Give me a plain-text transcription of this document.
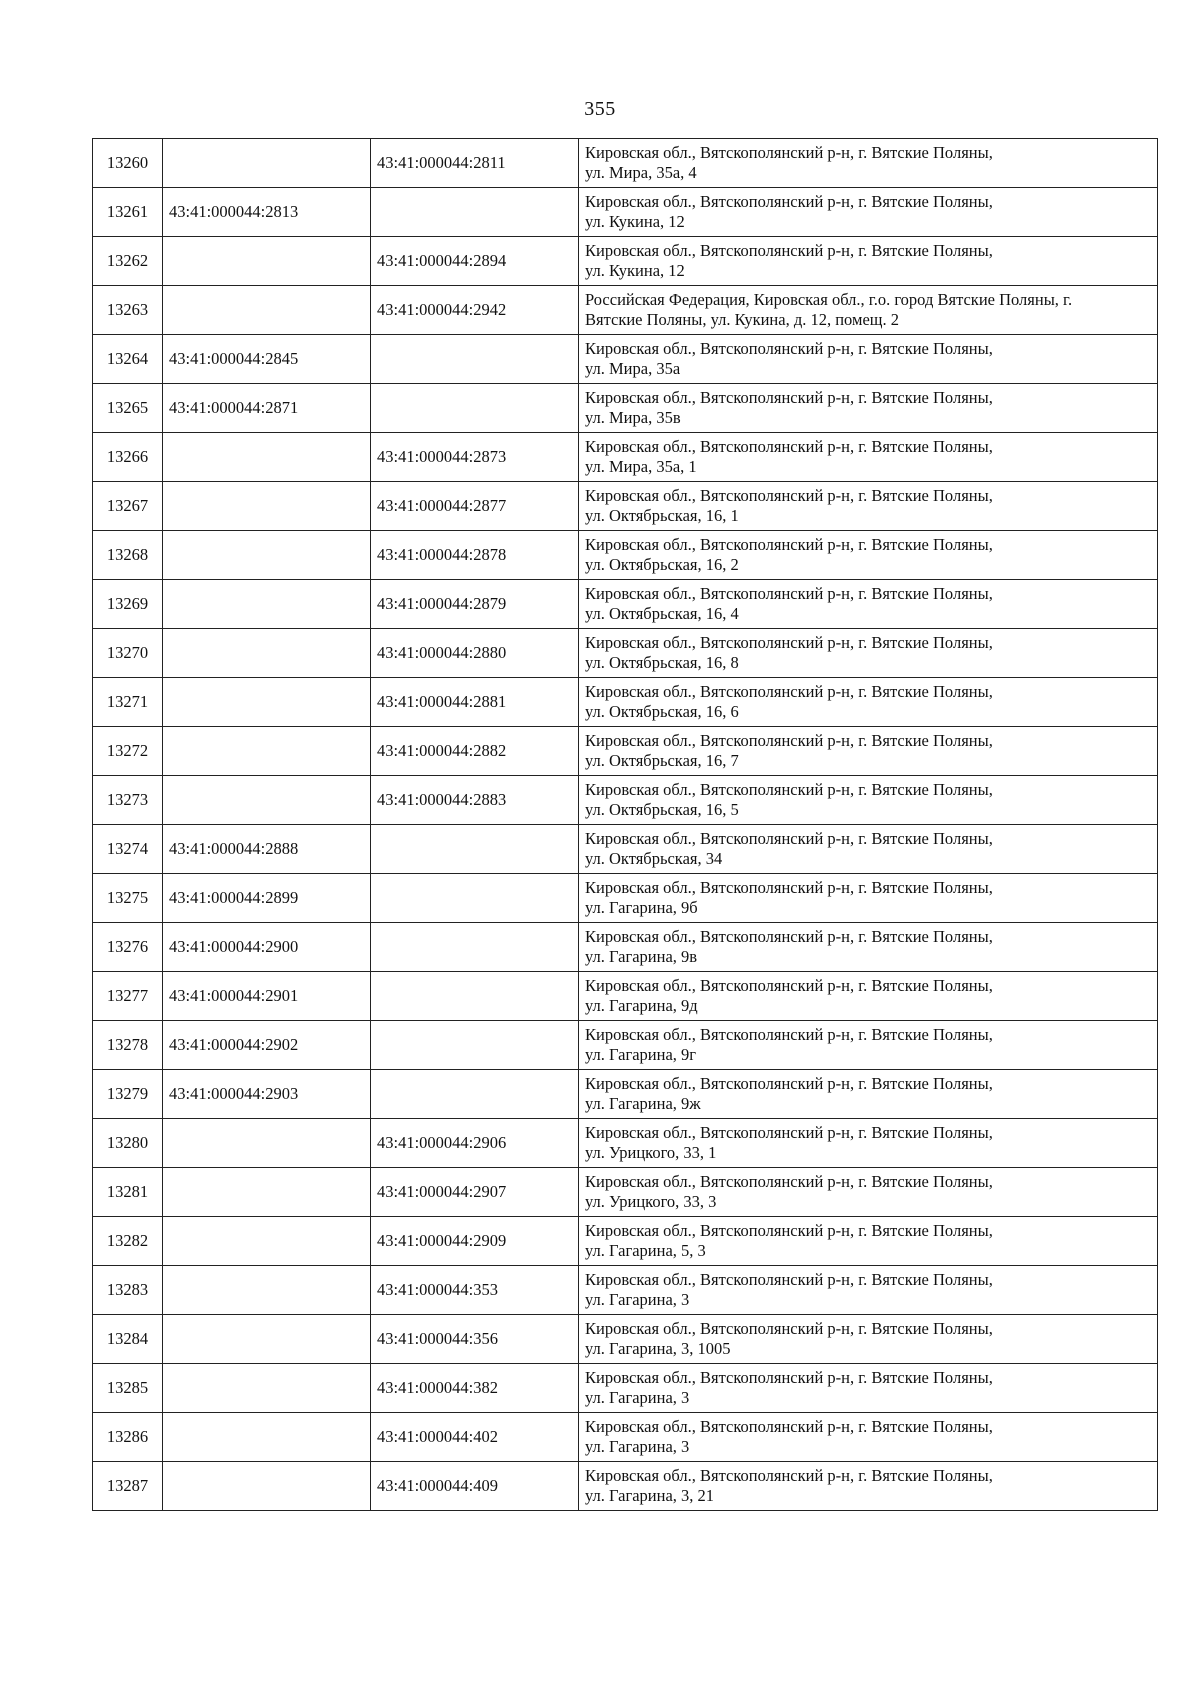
355
13260		43:41:000044:2811	Кировская обл., Вятскополянский р-н, г. Вятские Поляны,
ул. Мира, 35а, 4

13261	43:41:000044:2813		Кировская обл., Вятскополянский р-н, г. Вятские Поляны,
ул. Кукина, 12

13262		43:41:000044:2894	Кировская обл., Вятскополянский р-н, г. Вятские Поляны,
ул. Кукина, 12

13263		43:41:000044:2942	Российская Федерация, Кировская обл., г.о. город Вятские Поляны, г.
Вятские Поляны, ул. Кукина, д. 12, помещ. 2

13264	43:41:000044:2845		Кировская обл., Вятскополянский р-н, г. Вятские Поляны,
ул. Мира, 35а

13265	43:41:000044:2871		Кировская обл., Вятскополянский р-н, г. Вятские Поляны,
ул. Мира, 35в

13266		43:41:000044:2873	Кировская обл., Вятскополянский р-н, г. Вятские Поляны,
ул. Мира, 35а, 1

13267		43:41:000044:2877	Кировская обл., Вятскополянский р-н, г. Вятские Поляны,
ул. Октябрьская, 16, 1

13268		43:41:000044:2878	Кировская обл., Вятскополянский р-н, г. Вятские Поляны,
ул. Октябрьская, 16, 2

13269		43:41:000044:2879	Кировская обл., Вятскополянский р-н, г. Вятские Поляны,
ул. Октябрьская, 16, 4

13270		43:41:000044:2880	Кировская обл., Вятскополянский р-н, г. Вятские Поляны,
ул. Октябрьская, 16, 8

13271		43:41:000044:2881	Кировская обл., Вятскополянский р-н, г. Вятские Поляны,
ул. Октябрьская, 16, 6

13272		43:41:000044:2882	Кировская обл., Вятскополянский р-н, г. Вятские Поляны,
ул. Октябрьская, 16, 7

13273		43:41:000044:2883	Кировская обл., Вятскополянский р-н, г. Вятские Поляны,
ул. Октябрьская, 16, 5

13274	43:41:000044:2888		Кировская обл., Вятскополянский р-н, г. Вятские Поляны,
ул. Октябрьская, 34

13275	43:41:000044:2899		Кировская обл., Вятскополянский р-н, г. Вятские Поляны,
ул. Гагарина, 9б

13276	43:41:000044:2900		Кировская обл., Вятскополянский р-н, г. Вятские Поляны,
ул. Гагарина, 9в

13277	43:41:000044:2901		Кировская обл., Вятскополянский р-н, г. Вятские Поляны,
ул. Гагарина, 9д

13278	43:41:000044:2902		Кировская обл., Вятскополянский р-н, г. Вятские Поляны,
ул. Гагарина, 9г

13279	43:41:000044:2903		Кировская обл., Вятскополянский р-н, г. Вятские Поляны,
ул. Гагарина, 9ж

13280		43:41:000044:2906	Кировская обл., Вятскополянский р-н, г. Вятские Поляны,
ул. Урицкого, 33, 1

13281		43:41:000044:2907	Кировская обл., Вятскополянский р-н, г. Вятские Поляны,
ул. Урицкого, 33, 3

13282		43:41:000044:2909	Кировская обл., Вятскополянский р-н, г. Вятские Поляны,
ул. Гагарина, 5, 3

13283		43:41:000044:353	Кировская обл., Вятскополянский р-н, г. Вятские Поляны,
ул. Гагарина, 3

13284		43:41:000044:356	Кировская обл., Вятскополянский р-н, г. Вятские Поляны,
ул. Гагарина, 3, 1005

13285		43:41:000044:382	Кировская обл., Вятскополянский р-н, г. Вятские Поляны,
ул. Гагарина, 3

13286		43:41:000044:402	Кировская обл., Вятскополянский р-н, г. Вятские Поляны,
ул. Гагарина, 3

13287		43:41:000044:409	Кировская обл., Вятскополянский р-н, г. Вятские Поляны,
ул. Гагарина, 3, 21
